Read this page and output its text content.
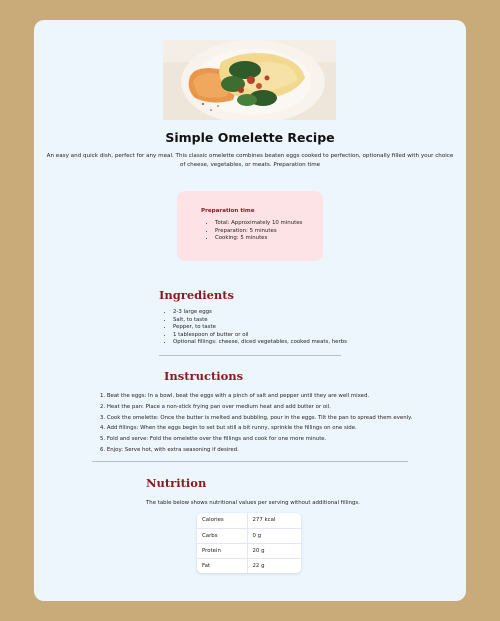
Simple Omelette Recipe

An easy and quick dish, perfect for any meal. This classic omelette combines beaten eggs cooked to perfection, optionally filled with your choice of cheese, vegetables, or meats. Preparation time

Preparation time
• Total: Approximately 10 minutes
• Preparation: 5 minutes
• Cooking: 5 minutes
Ingredients
• 2-3 large eggs
• Salt, to taste
• Pepper, to taste
• 1 tablespoon of butter or oil
• Optional fillings: cheese, diced vegetables, cooked meats, herbs
Instructions
1. Beat the eggs: In a bowl, beat the eggs with a pinch of salt and pepper until they are well mixed.
2. Heat the pan: Place a non-stick frying pan over medium heat and add butter or oil.
3. Cook the omelette: Once the butter is melted and bubbling, pour in the eggs. Tilt the pan to spread them evenly.
4. Add fillings: When the eggs begin to set but still a bit runny, sprinkle the fillings on one side.
5. Fold and serve: Fold the omelette over the fillings and cook for one more minute.
6. Enjoy: Serve hot, with extra seasoning if desired.
Nutrition

The table below shows nutritional values per serving without additional fillings.

Calories	277 kcal
Carbs	0 g
Protein	20 g
Fat	22 g
